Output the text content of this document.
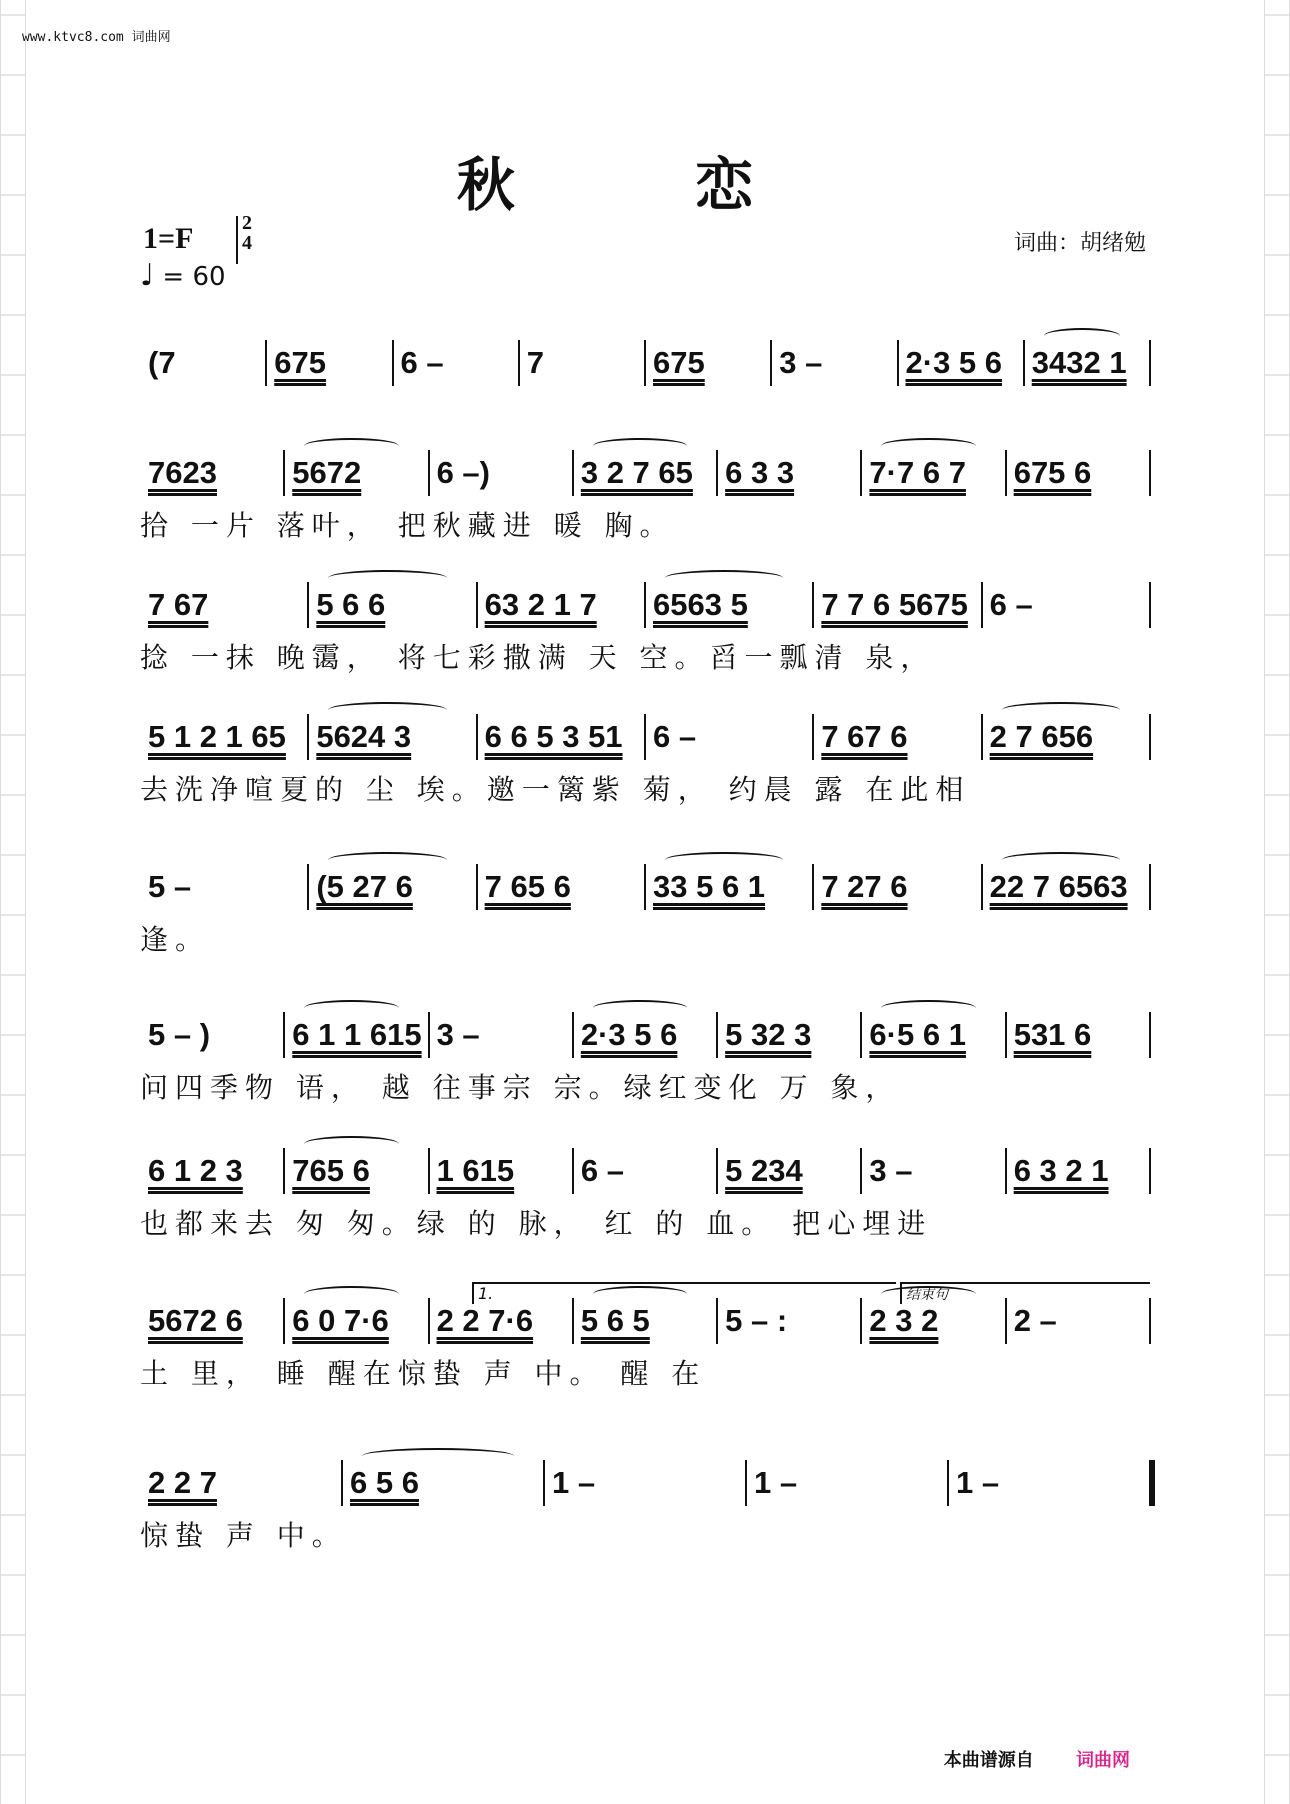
www.ktvc8.com 词曲网
秋 恋
1=F	2
4
♩ = 60
词曲：胡绪勉
(7	675	6 –	7	675	3 –	2·3 5 6 3432 1
7623	5672	6 –)	3 2 7 65	6 3 3	7·7 6 7	675 6
拾 一片 落叶， 把秋藏进 暖 胸。
7 67	5 6 6	63 2 1 7	6563 5	7 7 6 5675 6 –
捻 一抹 晚霭， 将七彩撒满 天 空。舀一瓢清 泉，
5 1 2 1 65 5624 3	6 6 5 3 51 6 –	7 67 6	2 7 656
去洗净喧夏的 尘 埃。邀一篱紫 菊， 约晨 露 在此相
5 –	(5 27 6	7 65 6	33 5 6 1	7 27 6	22 7 6563
逢。
5 – )	6 1 1 615 3 –	2·3 5 6	5 32 3	6·5 6 1	531 6
问四季物 语， 越 往事宗 宗。绿红变化 万 象，
6 1 2 3	765 6	1 615	6 –	5 234	3 –	6 3 2 1
也都来去 匆 匆。绿 的 脉， 红 的 血。 把心埋进
5672 6	6 0 7·6	2 2 7·6	5 6 5	5 – :	2 3 2	2 –
土 里， 睡 醒在惊蛰 声 中。 醒 在
2 2 7	6 5 6	1 –	1 –	1 –
惊蛰 声 中。
1.	结束句
本曲谱源自 词曲网
